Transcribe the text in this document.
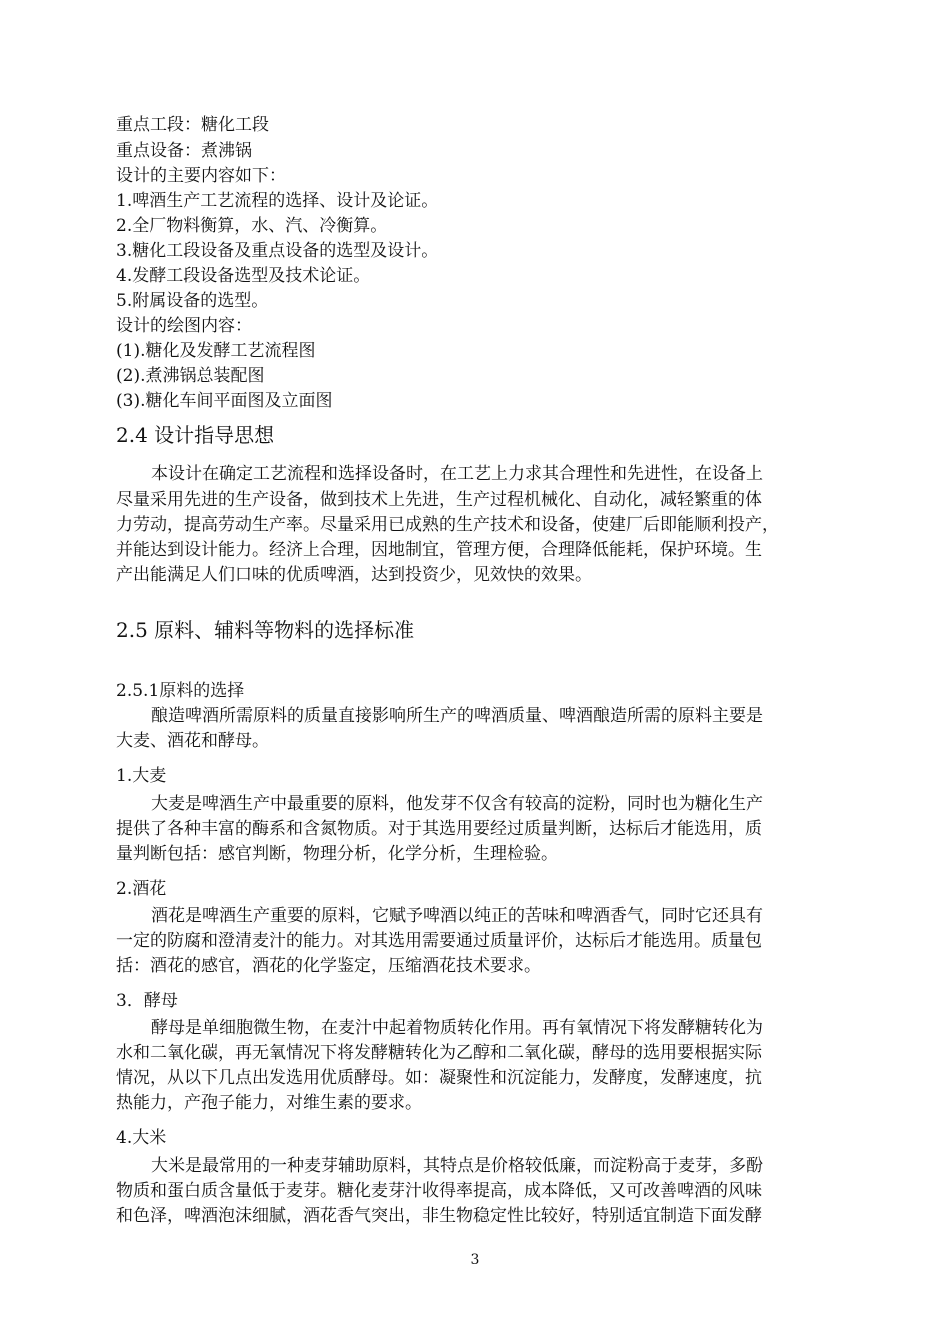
重点工段：糖化工段
重点设备：煮沸锅
设计的主要内容如下：
1.啤酒生产工艺流程的选择、设计及论证。
2.全厂物料衡算，水、汽、冷衡算。
3.糖化工段设备及重点设备的选型及设计。
4.发酵工段设备选型及技术论证。
5.附属设备的选型。
设计的绘图内容：
(1).糖化及发酵工艺流程图
(2).煮沸锅总装配图
(3).糖化车间平面图及立面图
2.4 设计指导思想
本设计在确定工艺流程和选择设备时，在工艺上力求其合理性和先进性，在设备上
尽量采用先进的生产设备，做到技术上先进，生产过程机械化、自动化，减轻繁重的体
力劳动，提高劳动生产率。尽量采用已成熟的生产技术和设备，使建厂后即能顺利投产，
并能达到设计能力。经济上合理，因地制宜，管理方便，合理降低能耗，保护环境。生
产出能满足人们口味的优质啤酒，达到投资少，见效快的效果。
2.5 原料、辅料等物料的选择标准
2.5.1原料的选择
酿造啤酒所需原料的质量直接影响所生产的啤酒质量、啤酒酿造所需的原料主要是
大麦、酒花和酵母。
1.大麦
大麦是啤酒生产中最重要的原料，他发芽不仅含有较高的淀粉，同时也为糖化生产
提供了各种丰富的酶系和含氮物质。对于其选用要经过质量判断，达标后才能选用，质
量判断包括：感官判断，物理分析，化学分析，生理检验。
2.酒花
酒花是啤酒生产重要的原料，它赋予啤酒以纯正的苦味和啤酒香气，同时它还具有
一定的防腐和澄清麦汁的能力。对其选用需要通过质量评价，达标后才能选用。质量包
括：酒花的感官，酒花的化学鉴定，压缩酒花技术要求。
3．酵母
酵母是单细胞微生物，在麦汁中起着物质转化作用。再有氧情况下将发酵糖转化为
水和二氧化碳，再无氧情况下将发酵糖转化为乙醇和二氧化碳，酵母的选用要根据实际
情况，从以下几点出发选用优质酵母。如：凝聚性和沉淀能力，发酵度，发酵速度，抗
热能力，产孢子能力，对维生素的要求。
4.大米
大米是最常用的一种麦芽辅助原料，其特点是价格较低廉，而淀粉高于麦芽，多酚
物质和蛋白质含量低于麦芽。糖化麦芽汁收得率提高，成本降低，又可改善啤酒的风味
和色泽，啤酒泡沫细腻，酒花香气突出，非生物稳定性比较好，特别适宜制造下面发酵
3
